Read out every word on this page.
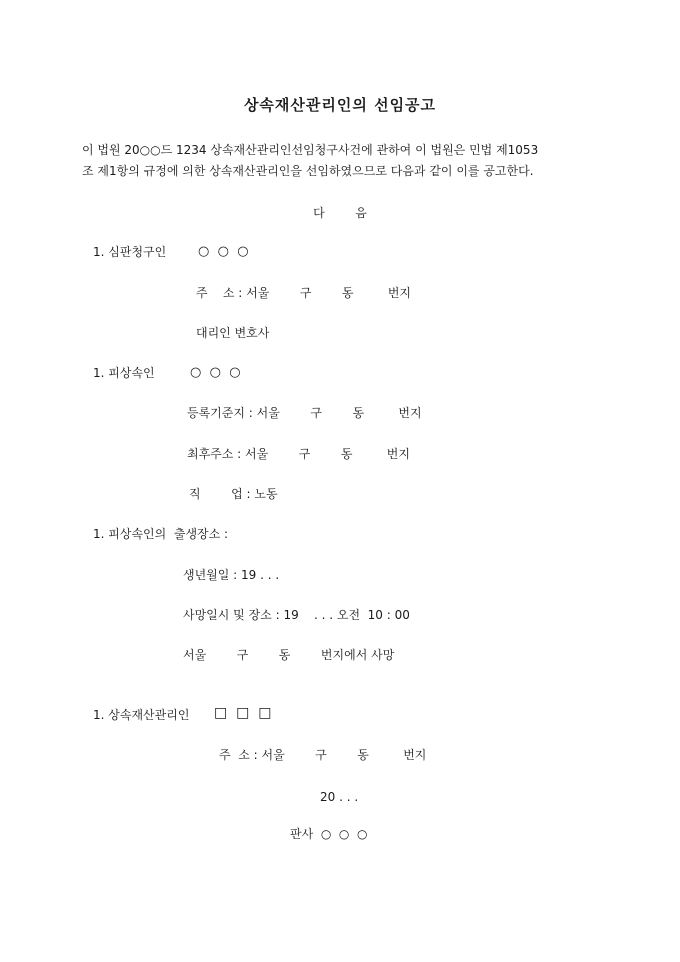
상속재산관리인의 선임공고
이 법원 20○○드 1234 상속재산관리인선임청구사건에 관하여 이 법원은 민법 제1053
조 제1항의 규정에 의한 상속재산관리인을 선임하였으므로 다음과 같이 이를 공고한다.
다        음
1. 심판청구인 ○  ○  ○
주    소 : 서울        구        동         번지
대리인 변호사
1. 피상속인	○  ○  ○
등록기준지 : 서울        구        동         번지
최후주소 : 서울        구        동         번지
직        업 : 노동
1. 피상속인의  출생장소 :
생년월일 : 19 . . .
사망일시 및 장소 : 19    . . . 오전  10 : 00
서울        구        동        번지에서 사망
1. 상속재산관리인 □  □  □
주  소 : 서울        구        동         번지
20 . . .
판사  ○  ○  ○
